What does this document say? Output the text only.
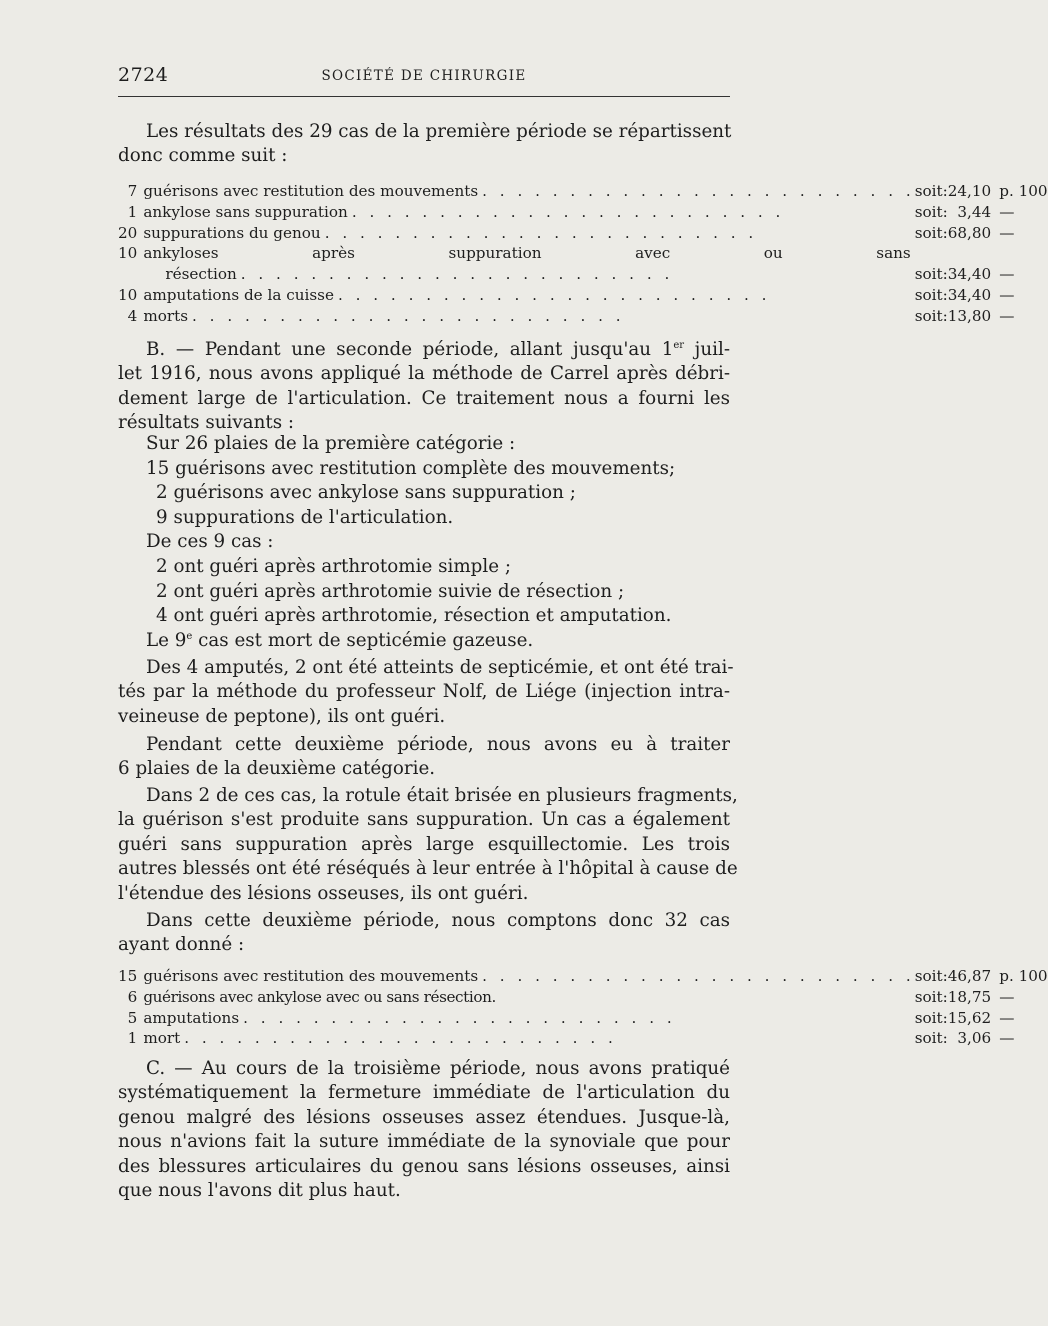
2724	SOCIÉTÉ DE CHIRURGIE

Les résultats des 29 cas de la première période se répartissent
donc comme suit :

7	guérisons avec restitution des mouvements . . . . . . . . . . . . . . . . . . . . . . . . .	soit	:	24,10	p. 100
1	ankylose sans suppuration . . . . . . . . . . . . . . . . . . . . . . . . .	soit	:	3,44	—
20	suppurations du genou . . . . . . . . . . . . . . . . . . . . . . . . .	soit	:	68,80	—
10	ankyloses après suppuration avec ou sans				

	résection . . . . . . . . . . . . . . . . . . . . . . . . .	soit	:	34,40	—
10	amputations de la cuisse . . . . . . . . . . . . . . . . . . . . . . . . .	soit	:	34,40	—
4	morts . . . . . . . . . . . . . . . . . . . . . . . . .	soit	:	13,80	—

B. — Pendant une seconde période, allant jusqu'au 1er juil-
let 1916, nous avons appliqué la méthode de Carrel après débri-
dement large de l'articulation. Ce traitement nous a fourni les
résultats suivants :

Sur 26 plaies de la première catégorie :
15 guérisons avec restitution complète des mouvements;
2 guérisons avec ankylose sans suppuration ;
9 suppurations de l'articulation.
De ces 9 cas :
2 ont guéri après arthrotomie simple ;
2 ont guéri après arthrotomie suivie de résection ;
4 ont guéri après arthrotomie, résection et amputation.
Le 9e cas est mort de septicémie gazeuse.

Des 4 amputés, 2 ont été atteints de septicémie, et ont été trai-
tés par la méthode du professeur Nolf, de Liége (injection intra-
veineuse de peptone), ils ont guéri.

Pendant cette deuxième période, nous avons eu à traiter
6 plaies de la deuxième catégorie.

Dans 2 de ces cas, la rotule était brisée en plusieurs fragments,
la guérison s'est produite sans suppuration. Un cas a également
guéri sans suppuration après large esquillectomie. Les trois
autres blessés ont été réséqués à leur entrée à l'hôpital à cause de
l'étendue des lésions osseuses, ils ont guéri.

Dans cette deuxième période, nous comptons donc 32 cas
ayant donné :

15	guérisons avec restitution des mouvements . . . . . . . . . . . . . . . . . . . . . . . . .	soit	:	46,87	p. 100
6	guérisons avec ankylose avec ou sans résection.	soit	:	18,75	—
5	amputations . . . . . . . . . . . . . . . . . . . . . . . . .	soit	:	15,62	—
1	mort . . . . . . . . . . . . . . . . . . . . . . . . .	soit	:	3,06	—

C. — Au cours de la troisième période, nous avons pratiqué
systématiquement la fermeture immédiate de l'articulation du
genou malgré des lésions osseuses assez étendues. Jusque-là,
nous n'avions fait la suture immédiate de la synoviale que pour
des blessures articulaires du genou sans lésions osseuses, ainsi
que nous l'avons dit plus haut.
